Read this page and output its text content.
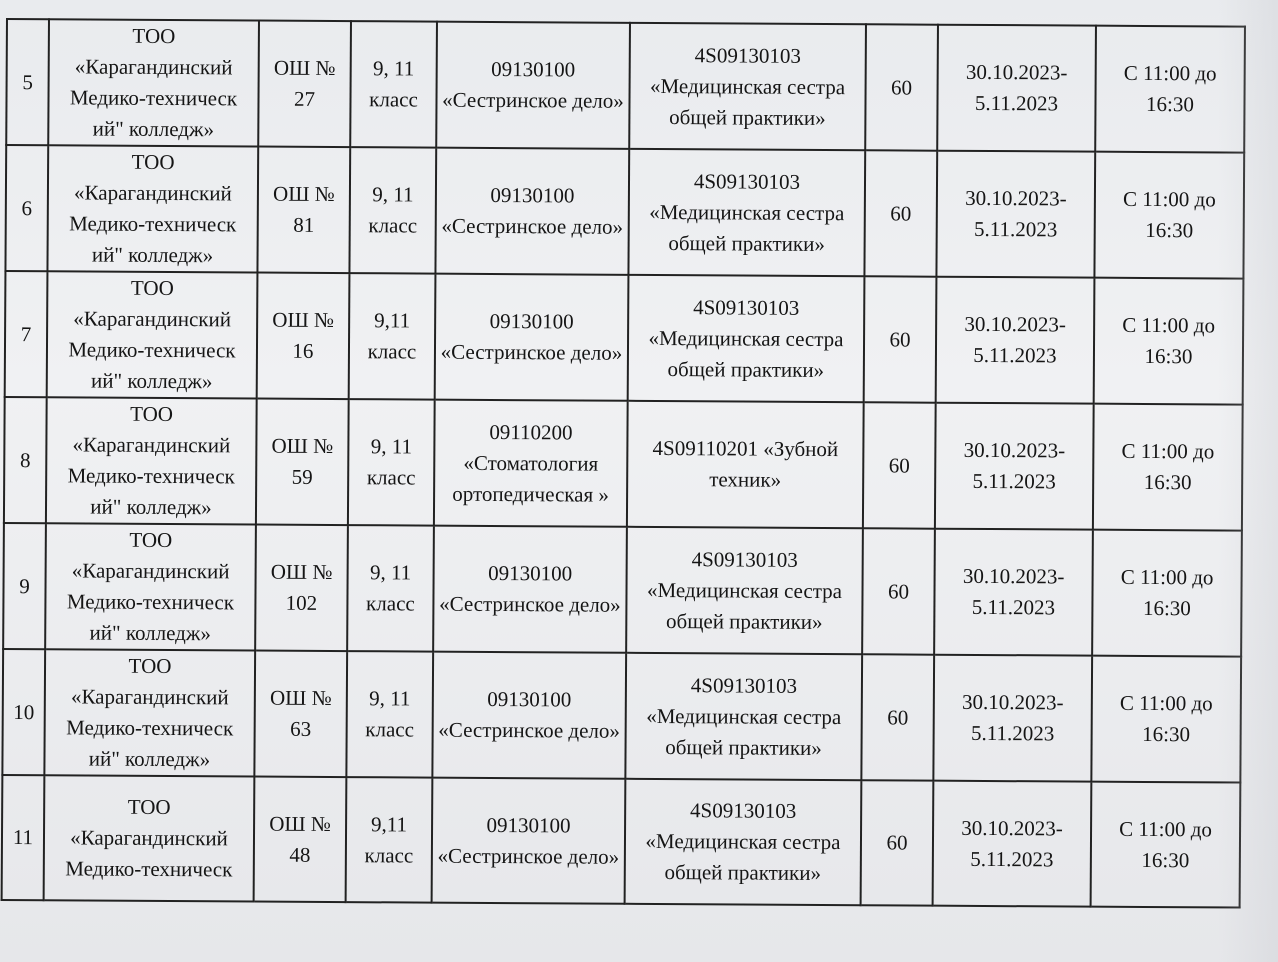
5	ТОО
«Карагандинский
Медико-техническ
ий" колледж»	ОШ № 27	9, 11 класс	09130100
«Сестринское дело»	4S09130103 «Медицинская сестра общей практики»	60	30.10.2023-5.11.2023	С 11:00 до 16:30
6	ТОО
«Карагандинский
Медико-техническ
ий" колледж»	ОШ № 81	9, 11 класс	09130100
«Сестринское дело»	4S09130103 «Медицинская сестра общей практики»	60	30.10.2023-5.11.2023	С 11:00 до 16:30
7	ТОО
«Карагандинский
Медико-техническ
ий" колледж»	ОШ № 16	9,11 класс	09130100
«Сестринское дело»	4S09130103 «Медицинская сестра общей практики»	60	30.10.2023-5.11.2023	С 11:00 до 16:30
8	ТОО
«Карагандинский
Медико-техническ
ий" колледж»	ОШ № 59	9, 11 класс	09110200
«Стоматология ортопедическая »	4S09110201 «Зубной техник»	60	30.10.2023-5.11.2023	С 11:00 до 16:30
9	ТОО
«Карагандинский
Медико-техническ
ий" колледж»	ОШ № 102	9, 11 класс	09130100
«Сестринское дело»	4S09130103 «Медицинская сестра общей практики»	60	30.10.2023-5.11.2023	С 11:00 до 16:30
10	ТОО
«Карагандинский
Медико-техническ
ий" колледж»	ОШ № 63	9, 11 класс	09130100
«Сестринское дело»	4S09130103 «Медицинская сестра общей практики»	60	30.10.2023-5.11.2023	С 11:00 до 16:30
11	ТОО
«Карагандинский
Медико-техническ	ОШ № 48	9,11 класс	09130100
«Сестринское дело»	4S09130103 «Медицинская сестра общей практики»	60	30.10.2023-5.11.2023	С 11:00 до 16:30
